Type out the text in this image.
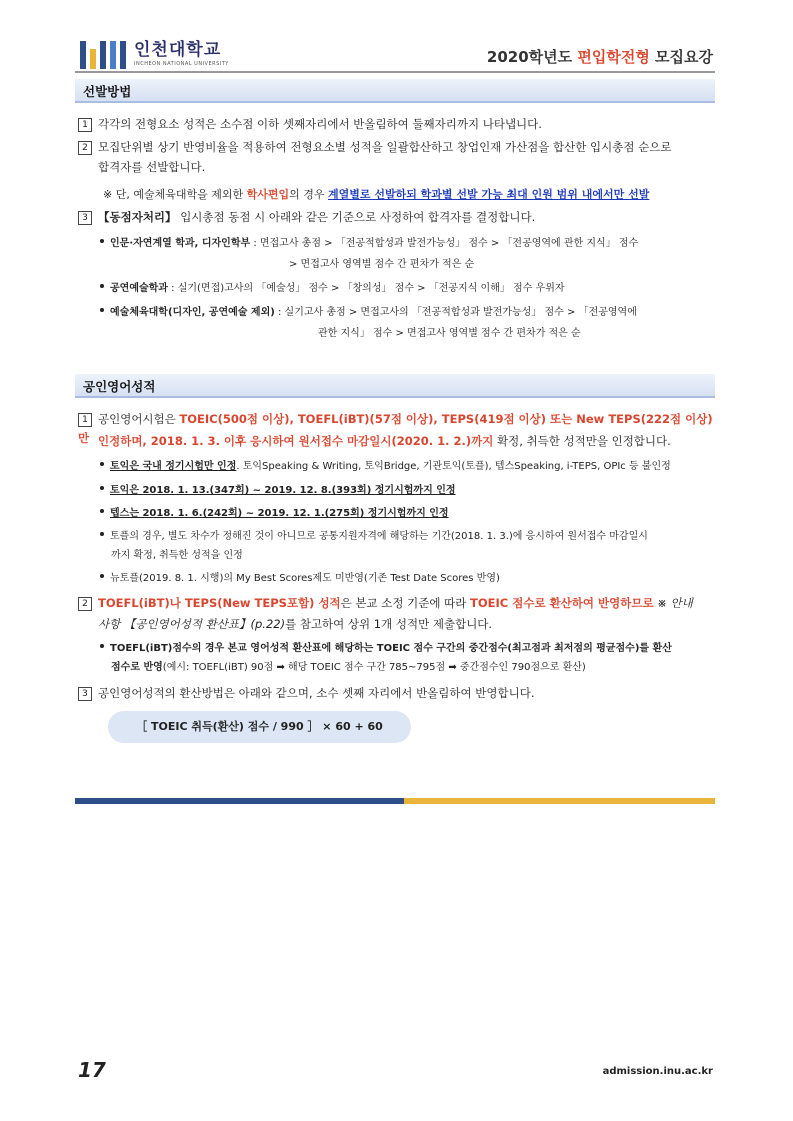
인천대학교
INCHEON NATIONAL UNIVERSITY	2020학년도 편입학전형 모집요강
선발방법
1 각각의 전형요소 성적은 소수점 이하 셋째자리에서 반올림하여 둘째자리까지 나타냅니다.
2 모집단위별 상기 반영비율을 적용하여 전형요소별 성적을 일괄합산하고 창업인재 가산점을 합산한 입시총점 순으로
합격자를 선발합니다.
※ 단, 예술체육대학을 제외한 학사편입의 경우 계열별로 선발하되 학과별 선발 가능 최대 인원 범위 내에서만 선발
3 【동점자처리】 입시총점 동점 시 아래와 같은 기준으로 사정하여 합격자를 결정합니다.
인문·자연계열 학과, 디자인학부 : 면접고사 총점 > 「전공적합성과 발전가능성」 점수 > 「전공영역에 관한 지식」 점수
> 면접고사 영역별 점수 간 편차가 적은 순
공연예술학과 : 실기(면접)고사의 「예술성」 점수 > 「창의성」 점수 > 「전공지식 이해」 점수 우위자
예술체육대학(디자인, 공연예술 제외) : 실기고사 총점 > 면접고사의 「전공적합성과 발전가능성」 점수 > 「전공영역에
관한 지식」 점수 > 면접고사 영역별 점수 간 편차가 적은 순
공인영어성적
1 공인영어시험은 TOEIC(500점 이상), TOEFL(iBT)(57점 이상), TEPS(419점 이상) 또는 New TEPS(222점 이상)만 인정하며, 2018. 1. 3. 이후 응시하여 원서접수 마감일시(2020. 1. 2.)까지 확정, 취득한 성적만을 인정합니다.
토익은 국내 정기시험만 인정. 토익Speaking & Writing, 토익Bridge, 기관토익(토플), 텝스Speaking, i-TEPS, OPIc 등 불인정
토익은 2018. 1. 13.(347회) ~ 2019. 12. 8.(393회) 정기시험까지 인정
텝스는 2018. 1. 6.(242회) ~ 2019. 12. 1.(275회) 정기시험까지 인정
토플의 경우, 별도 차수가 정해진 것이 아니므로 공통지원자격에 해당하는 기간(2018. 1. 3.)에 응시하여 원서접수 마감일시
까지 확정, 취득한 성적을 인정
뉴토플(2019. 8. 1. 시행)의 My Best Scores제도 미반영(기존 Test Date Scores 반영)
2 TOEFL(iBT)나 TEPS(New TEPS포함) 성적은 본교 소정 기준에 따라 TOEIC 점수로 환산하여 반영하므로 ※ 안내
사항 【공인영어성적 환산표】(p.22)를 참고하여 상위 1개 성적만 제출합니다.
TOEFL(iBT)점수의 경우 본교 영어성적 환산표에 해당하는 TOEIC 점수 구간의 중간점수(최고점과 최저점의 평균점수)를 환산
점수로 반영(예시: TOEFL(iBT) 90점 ➡ 해당 TOEIC 점수 구간 785~795점 ➡ 중간점수인 790점으로 환산)
3 공인영어성적의 환산방법은 아래와 같으며, 소수 셋째 자리에서 반올림하여 반영합니다.
［ TOEIC 취득(환산) 점수 / 990 ］ × 60 + 60
17	admission.inu.ac.kr
